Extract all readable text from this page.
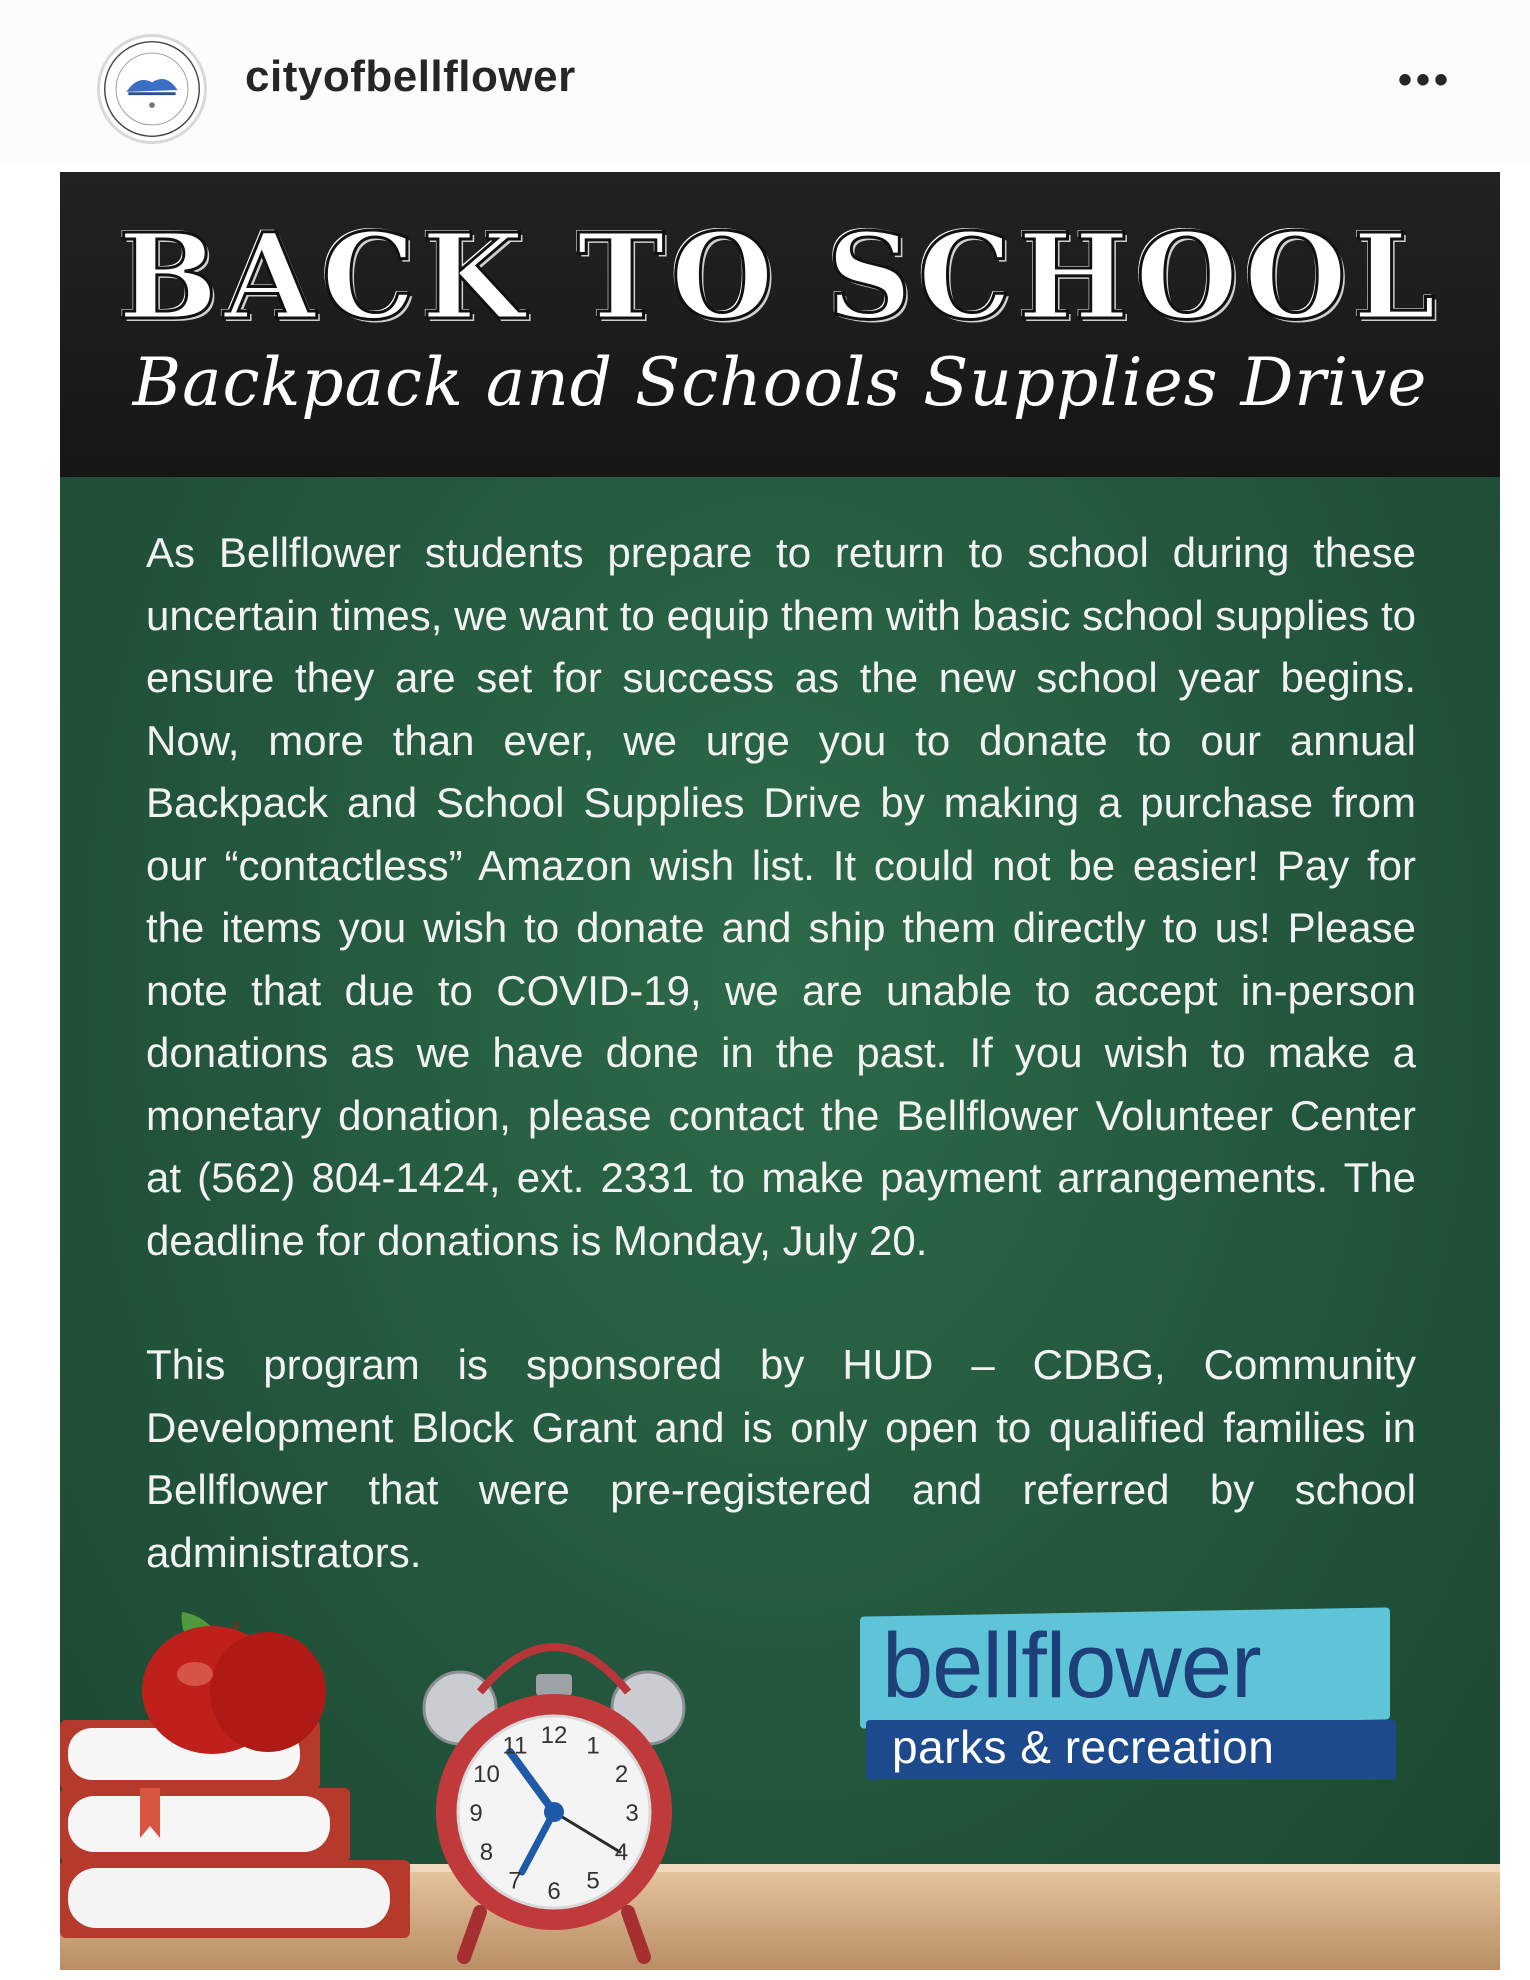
cityofbellflower	•••
BACK TO SCHOOL
Backpack and Schools Supplies Drive

As Bellflower students prepare to return to school during these uncertain times, we want to equip them with basic school supplies to ensure they are set for success as the new school year begins. Now, more than ever, we urge you to donate to our annual Backpack and School Supplies Drive by making a purchase from our “contactless” Amazon wish list. It could not be easier! Pay for the items you wish to donate and ship them directly to us! Please note that due to COVID-19, we are unable to accept in-person donations as we have done in the past. If you wish to make a monetary donation, please contact the Bellflower Volunteer Center at (562) 804-1424, ext. 2331 to make payment arrangements. The deadline for donations is Monday, July 20.

This program is sponsored by HUD – CDBG, Community Development Block Grant and is only open to qualified families in Bellflower that were pre-registered and referred by school administrators.

12 1
2
3
4
5
6
7
8
9
10
11
bellflower
parks & recreation
